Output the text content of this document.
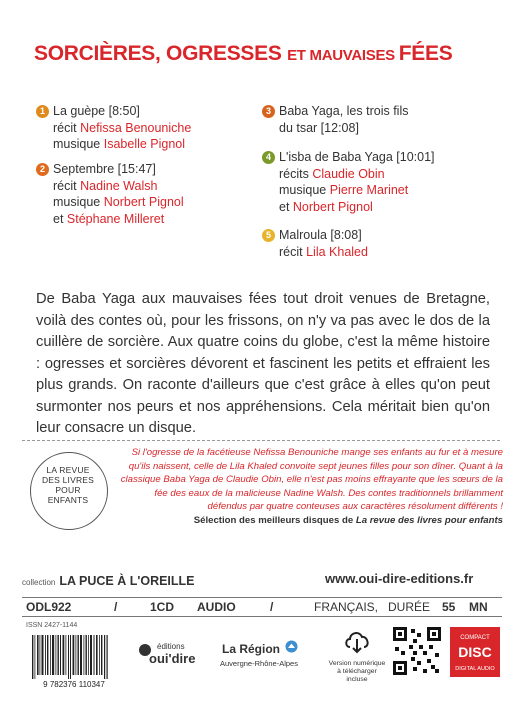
SORCIÈRES, OGRESSES ET MAUVAISES FÉES
1 La guèpe [8:50]
récit Nefissa Benouniche
musique Isabelle Pignol
2 Septembre [15:47]
récit Nadine Walsh
musique Norbert Pignol
et Stéphane Milleret
3 Baba Yaga, les trois fils
du tsar [12:08]
4 L'isba de Baba Yaga [10:01]
récits Claudie Obin
musique Pierre Marinet
et Norbert Pignol
5 Malroula [8:08]
récit Lila Khaled
De Baba Yaga aux mauvaises fées tout droit venues de Bretagne, voilà des contes où, pour les frissons, on n'y va pas avec le dos de la cuillère de sorcière. Aux quatre coins du globe, c'est la même histoire : ogresses et sorcières dévorent et fascinent les petits et effraient les plus grands. On raconte d'ailleurs que c'est grâce à elles qu'on peut surmonter nos peurs et nos appréhensions. Cela méritait bien qu'on leur consacre un disque.
LA REVUE
DES LIVRES
POUR
ENFANTS
Si l'ogresse de la facétieuse Nefissa Benouniche mange ses enfants au fur et à mesure qu'ils naissent, celle de Lila Khaled convoite sept jeunes filles pour son dîner. Quant à la classique Baba Yaga de Claudie Obin, elle n'est pas moins effrayante que les sœurs de la fée des eaux de la malicieuse Nadine Walsh. Des contes traditionnels brillamment défendus par quatre conteuses aux caractères résolument différents !
Sélection des meilleurs disques de La revue des livres pour enfants
collection LA PUCE À L'OREILLE	www.oui-dire-editions.fr
ODL922	/	1CD AUDIO	/	FRANÇAIS, DURÉE 55 MN
ISSN 2427-1144
9 782376 110347
éditions
oui'dire
La Région
Auvergne-Rhône-Alpes	Version numérique
à télécharger
incluse
COMPACT
DISC
DIGITAL AUDIO
